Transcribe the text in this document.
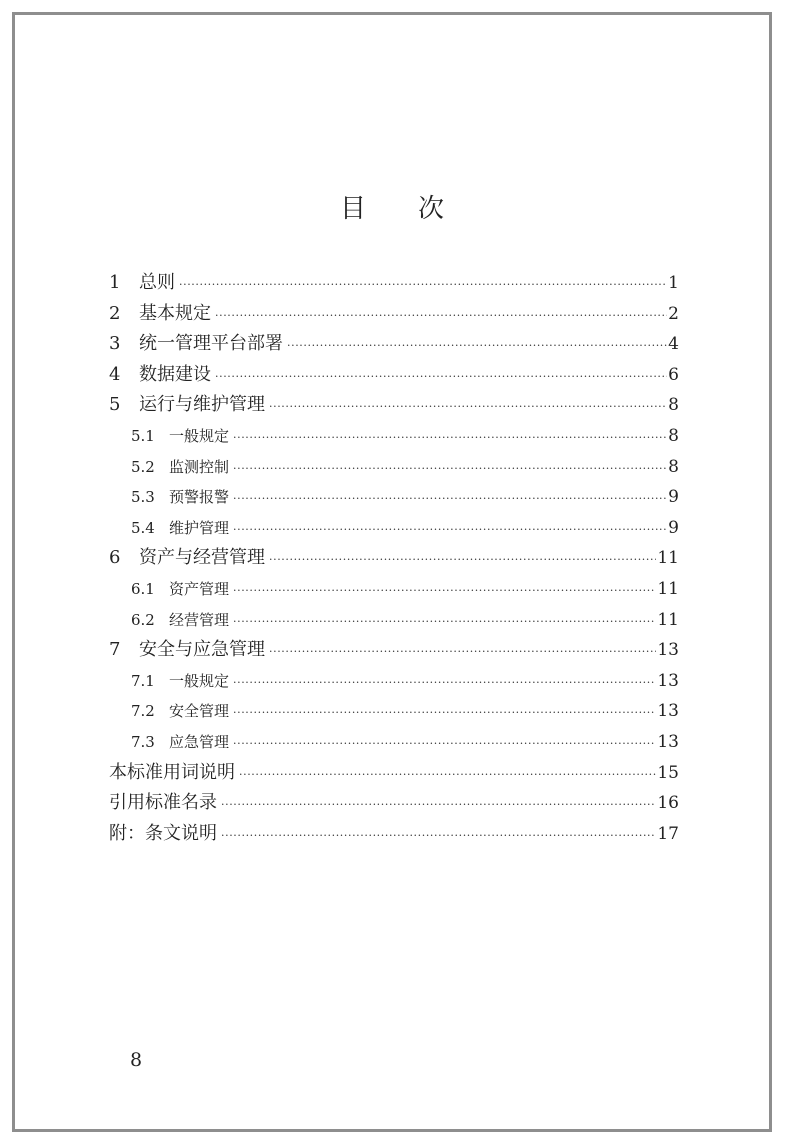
目 次
1	总则 ·····	1
2	基本规定 ·····	2
3	统一管理平台部署 ·····	4
4	数据建设 ·····	6
5	运行与维护管理 ·····	8
5.1 一般规定 ·····	8
5.2 监测控制 ·····	8
5.3 预警报警 ·····	9
5.4 维护管理 ·····	9
6	资产与经营管理 ·····	11
6.1 资产管理 ·····	11
6.2 经营管理 ·····	11
7	安全与应急管理 ·····	13
7.1 一般规定 ·····	13
7.2 安全管理 ·····	13
7.3 应急管理 ·····	13
本标准用词说明 ·····	15
引用标准名录 ·····	16
附：条文说明 ·····	17
8
